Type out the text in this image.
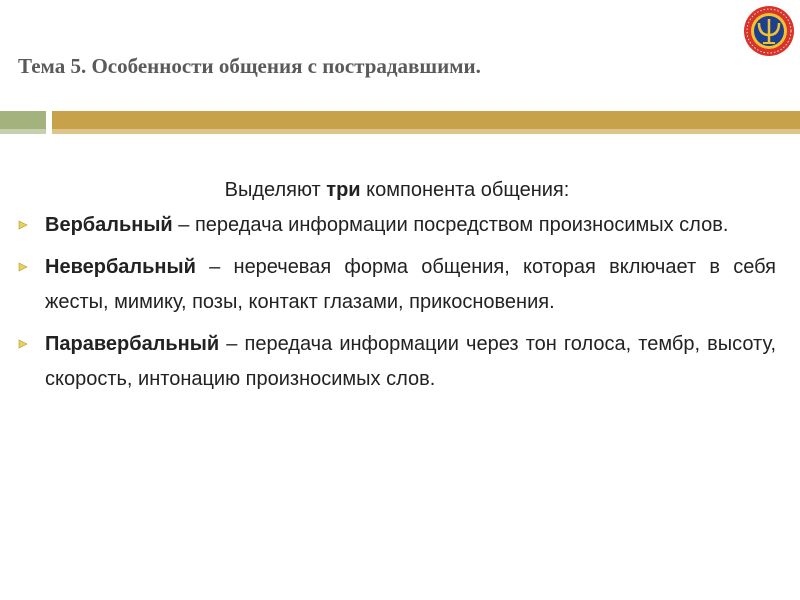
Тема 5. Особенности общения с пострадавшими.

Выделяют три компонента общения:

Вербальный – передача информации посредством произносимых слов.
Невербальный – неречевая форма общения, которая включает в себя жесты, мимику, позы, контакт глазами, прикосновения.
Паравербальный – передача информации через тон голоса, тембр, высоту, скорость, интонацию произносимых слов.
